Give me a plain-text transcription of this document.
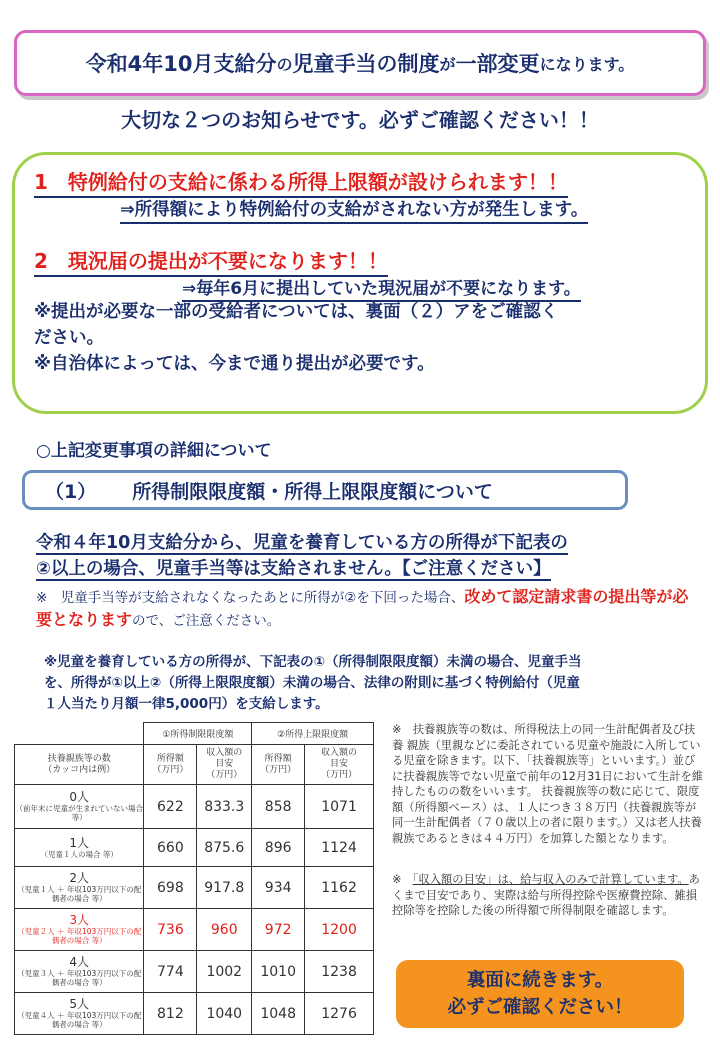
令和4年10月支給分 の 児童手当の制度 が 一部変更 になります。
大切な２つのお知らせです。必ずご確認ください！！
1　特例給付の支給に係わる所得上限額が設けられます！！
⇒所得額により特例給付の支給がされない方が発生します。
2　現況届の提出が不要になります！！
⇒毎年6月に提出していた現況届が不要になります。
※提出が必要な一部の受給者については、裏面（２）アをご確認く
ださい。
※自治体によっては、今まで通り提出が必要です。
○上記変更事項の詳細について
（1） 所得制限限度額・所得上限限度額について
令和４年10月支給分から、児童を養育している方の所得が下記表の
②以上の場合、児童手当等は支給されません。【ご注意ください】
※　児童手当等が支給されなくなったあとに所得が②を下回った場合、改めて認定請求書の提出等が必要となりますので、ご注意ください。
※児童を養育している方の所得が、下記表の①（所得制限限度額）未満の場合、児童手当
を、所得が①以上②（所得上限限度額）未満の場合、法律の附則に基づく特例給付（児童
１人当たり月額一律5,000円）を支給します。
	①所得制限限度額		②所得上限限度額	
扶養親族等の数
（カッコ内は例）	所得額
（万円）	収入額の
目安
（万円）	所得額
（万円）	収入額の
目安
（万円）
0人
（前年末に児童が生まれていない場合 等）	622	833.3	858	1071
1人
（児童１人の場合 等）	660	875.6	896	1124
2人
（児童１人 ＋ 年収103万円以下の配偶者の場合 等）	698	917.8	934	1162
3人
（児童２人 ＋ 年収103万円以下の配偶者の場合 等）	736	960	972	1200
4人
（児童３人 ＋ 年収103万円以下の配偶者の場合 等）	774	1002	1010	1238
5人
（児童４人 ＋ 年収103万円以下の配偶者の場合 等）	812	1040	1048	1276
※　扶養親族等の数は、所得税法上の同一生計配偶者及び扶養 親族（里親などに委託されている児童や施設に入所している児童を除きます。以下、「扶養親族等」といいます。）並びに扶養親族等でない児童で前年の12月31日において生計を維持したものの数をいいます。 扶養親族等の数に応じて、限度額（所得額ベース）は、１人につき３８万円（扶養親族等が同一生計配偶者（７０歳以上の者に限ります。）又は老人扶養親族であるときは４４万円）を加算した額となります。
※　「収入額の目安」は、給与収入のみで計算しています。あくまで目安であり、実際は給与所得控除や医療費控除、雑損控除等を控除した後の所得額で所得制限を確認します。
裏面に続きます。
必ずご確認ください！
